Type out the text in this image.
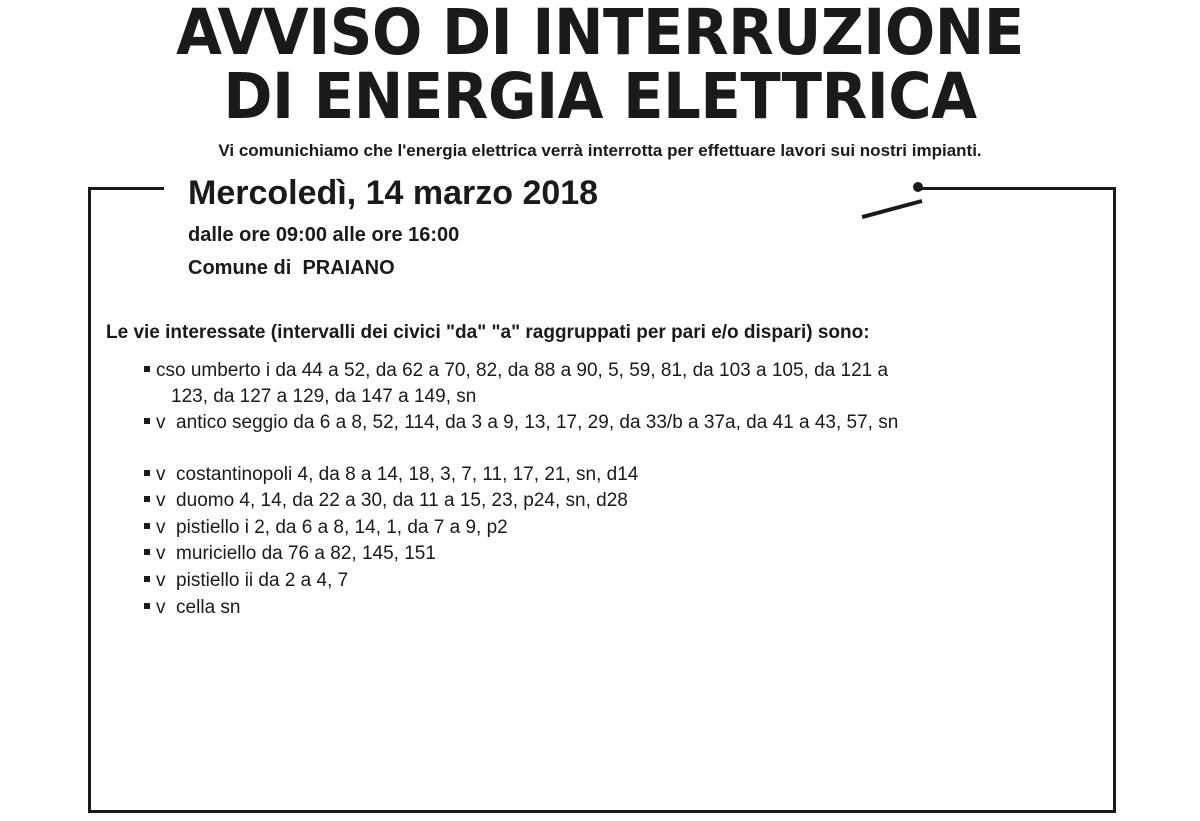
AVVISO DI INTERRUZIONE
DI ENERGIA ELETTRICA
Vi comunichiamo che l'energia elettrica verrà interrotta per effettuare lavori sui nostri impianti.
Mercoledì, 14 marzo 2018
dalle ore 09:00 alle ore 16:00
Comune di  PRAIANO
Le vie interessate (intervalli dei civici "da" "a" raggruppati per pari e/o dispari) sono:
cso umberto i da 44 a 52, da 62 a 70, 82, da 88 a 90, 5, 59, 81, da 103 a 105, da 121 a
123, da 127 a 129, da 147 a 149, sn
v  antico seggio da 6 a 8, 52, 114, da 3 a 9, 13, 17, 29, da 33/b a 37a, da 41 a 43, 57, sn
v  costantinopoli 4, da 8 a 14, 18, 3, 7, 11, 17, 21, sn, d14
v  duomo 4, 14, da 22 a 30, da 11 a 15, 23, p24, sn, d28
v  pistiello i 2, da 6 a 8, 14, 1, da 7 a 9, p2
v  muriciello da 76 a 82, 145, 151
v  pistiello ii da 2 a 4, 7
v  cella sn
